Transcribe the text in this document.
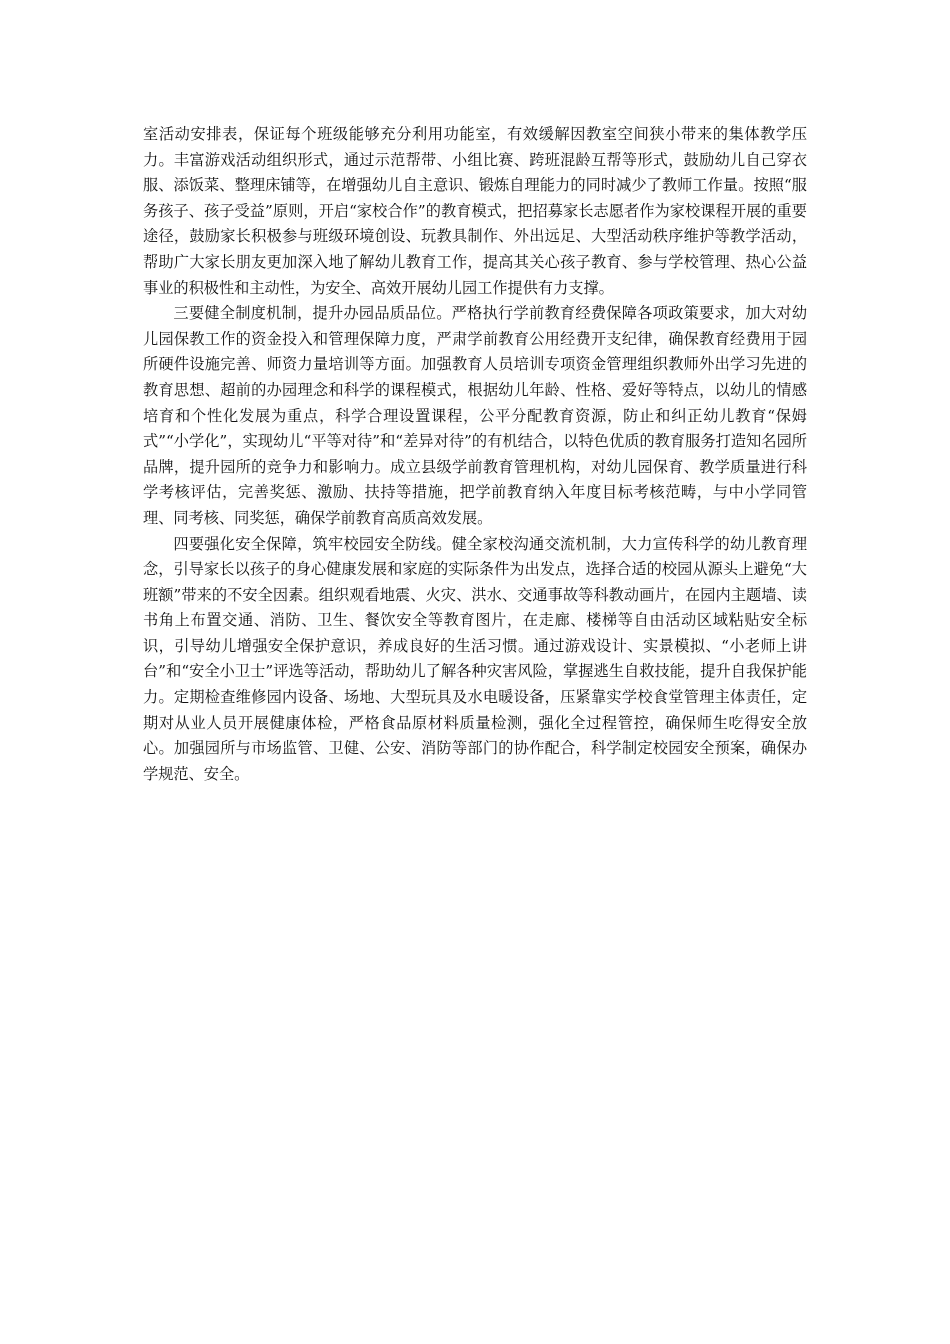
室活动安排表，保证每个班级能够充分利用功能室，有效缓解因教室空间狭小带来的集体教学压力。丰富游戏活动组织形式，通过示范帮带、小组比赛、跨班混龄互帮等形式，鼓励幼儿自己穿衣服、添饭菜、整理床铺等，在增强幼儿自主意识、锻炼自理能力的同时减少了教师工作量。按照“服务孩子、孩子受益”原则，开启“家校合作”的教育模式，把招募家长志愿者作为家校课程开展的重要途径，鼓励家长积极参与班级环境创设、玩教具制作、外出远足、大型活动秩序维护等教学活动，帮助广大家长朋友更加深入地了解幼儿教育工作，提高其关心孩子教育、参与学校管理、热心公益事业的积极性和主动性，为安全、高效开展幼儿园工作提供有力支撑。

三要健全制度机制，提升办园品质品位。严格执行学前教育经费保障各项政策要求，加大对幼儿园保教工作的资金投入和管理保障力度，严肃学前教育公用经费开支纪律，确保教育经费用于园所硬件设施完善、师资力量培训等方面。加强教育人员培训专项资金管理组织教师外出学习先进的教育思想、超前的办园理念和科学的课程模式，根据幼儿年龄、性格、爱好等特点，以幼儿的情感培育和个性化发展为重点，科学合理设置课程，公平分配教育资源，防止和纠正幼儿教育“保姆式”“小学化”，实现幼儿“平等对待”和“差异对待”的有机结合，以特色优质的教育服务打造知名园所品牌，提升园所的竞争力和影响力。成立县级学前教育管理机构，对幼儿园保育、教学质量进行科学考核评估，完善奖惩、激励、扶持等措施，把学前教育纳入年度目标考核范畴，与中小学同管理、同考核、同奖惩，确保学前教育高质高效发展。

四要强化安全保障，筑牢校园安全防线。健全家校沟通交流机制，大力宣传科学的幼儿教育理念，引导家长以孩子的身心健康发展和家庭的实际条件为出发点，选择合适的校园从源头上避免“大班额”带来的不安全因素。组织观看地震、火灾、洪水、交通事故等科教动画片，在园内主题墙、读书角上布置交通、消防、卫生、餐饮安全等教育图片，在走廊、楼梯等自由活动区域粘贴安全标识，引导幼儿增强安全保护意识，养成良好的生活习惯。通过游戏设计、实景模拟、“小老师上讲台”和“安全小卫士”评选等活动，帮助幼儿了解各种灾害风险，掌握逃生自救技能，提升自我保护能力。定期检查维修园内设备、场地、大型玩具及水电暖设备，压紧靠实学校食堂管理主体责任，定期对从业人员开展健康体检，严格食品原材料质量检测，强化全过程管控，确保师生吃得安全放心。加强园所与市场监管、卫健、公安、消防等部门的协作配合，科学制定校园安全预案，确保办学规范、安全。
